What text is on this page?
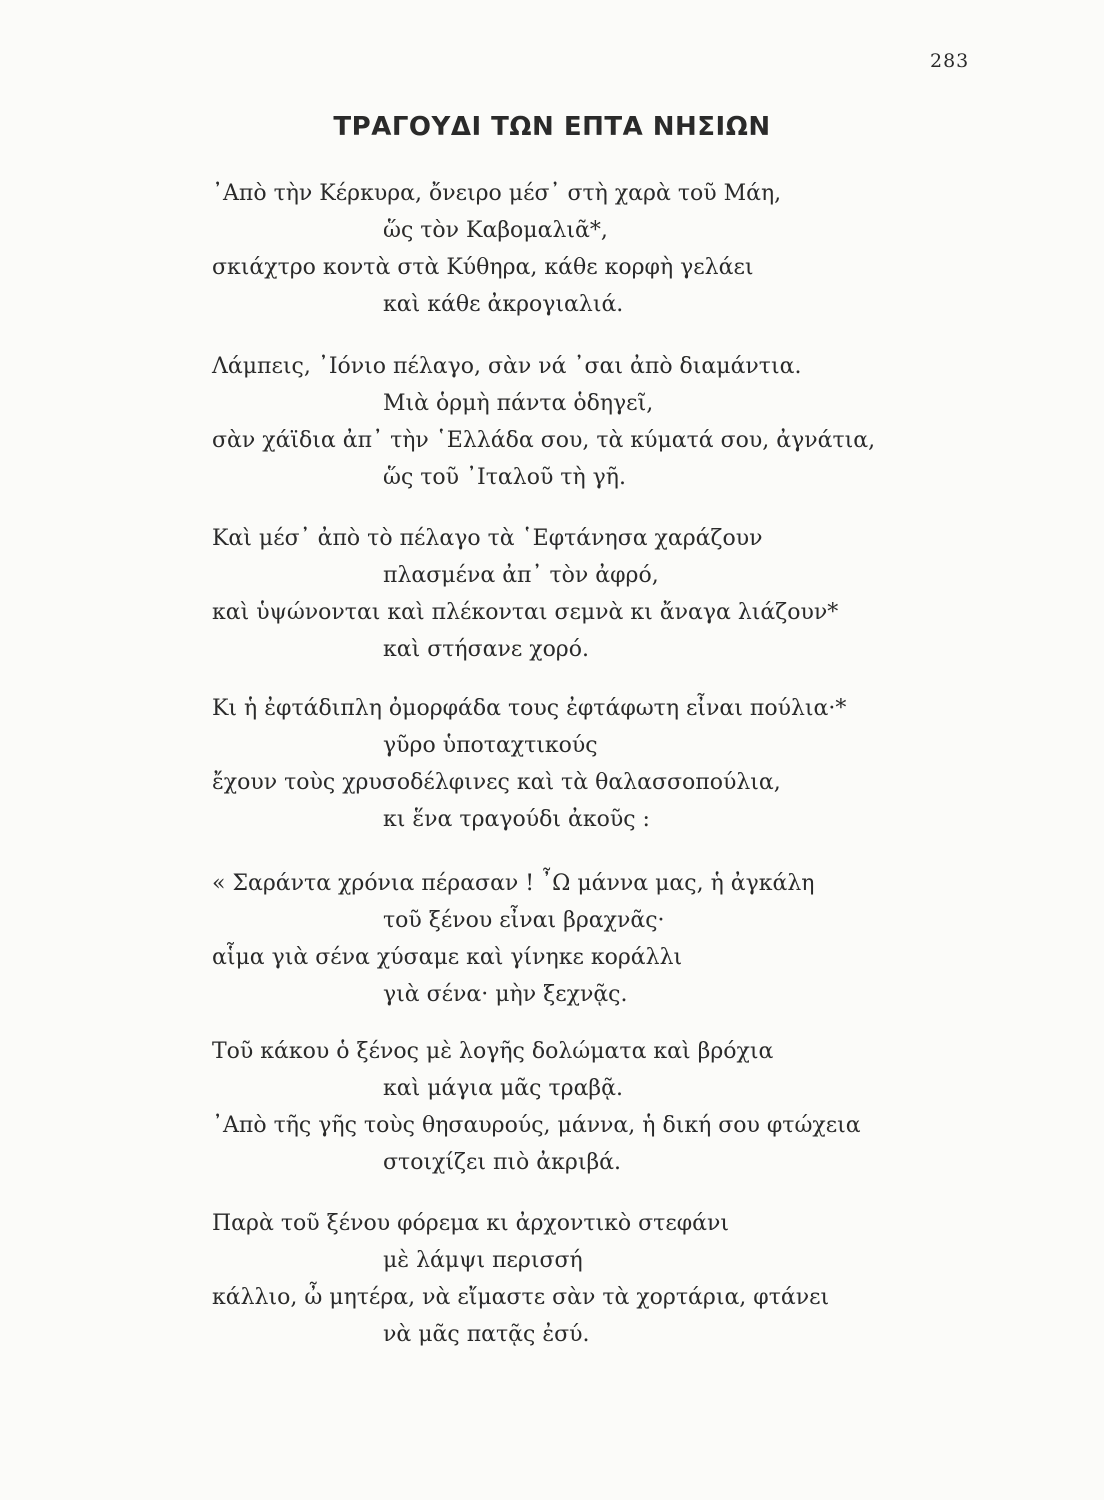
283
ΤΡΑΓΟΥΔΙ ΤΩΝ ΕΠΤΑ ΝΗΣΙΩΝ
᾿Απὸ τὴν Κέρκυρα, ὄνειρο μέσ᾿ στὴ χαρὰ τοῦ Μάη,
ὥς τὸν Καβομαλιᾶ*,
σκιάχτρο κοντὰ στὰ Κύθηρα, κάθε κορφὴ γελάει
καὶ κάθε ἀκρογιαλιά.
Λάμπεις, ᾿Ιόνιο πέλαγο, σὰν νά ᾿σαι ἀπὸ διαμάντια.
Μιὰ ὁρμὴ πάντα ὁδηγεῖ,
σὰν χάϊδια ἀπ᾿ τὴν ῾Ελλάδα σου, τὰ κύματά σου, ἀγνάτια,
ὥς τοῦ ᾿Ιταλοῦ τὴ γῆ.
Καὶ μέσ᾿ ἀπὸ τὸ πέλαγο τὰ ῾Εφτάνησα χαράζουν
πλασμένα ἀπ᾿ τὸν ἀφρό,
καὶ ὑψώνονται καὶ πλέκονται σεμνὰ κι ἄναγα λιάζουν*
καὶ στήσανε χορό.
Κι ἡ ἐφτάδιπλη ὀμορφάδα τους ἐφτάφωτη εἶναι πούλια·*
γῦρο ὑποταχτικούς
ἔχουν τοὺς χρυσοδέλφινες καὶ τὰ θαλασσοπούλια,
κι ἕνα τραγούδι ἀκοῦς :
« Σαράντα χρόνια πέρασαν ! ῏Ω μάννα μας, ἡ ἀγκάλη
τοῦ ξένου εἶναι βραχνᾶς·
αἷμα γιὰ σένα χύσαμε καὶ γίνηκε κοράλλι
γιὰ σένα· μὴν ξεχνᾷς.
Τοῦ κάκου ὁ ξένος μὲ λογῆς δολώματα καὶ βρόχια
καὶ μάγια μᾶς τραβᾷ.
᾿Απὸ τῆς γῆς τοὺς θησαυρούς, μάννα, ἡ δική σου φτώχεια
στοιχίζει πιὸ ἀκριβά.
Παρὰ τοῦ ξένου φόρεμα κι ἀρχοντικὸ στεφάνι
μὲ λάμψι περισσή
κάλλιο, ὦ μητέρα, νὰ εἴμαστε σὰν τὰ χορτάρια, φτάνει
νὰ μᾶς πατᾷς ἐσύ.
